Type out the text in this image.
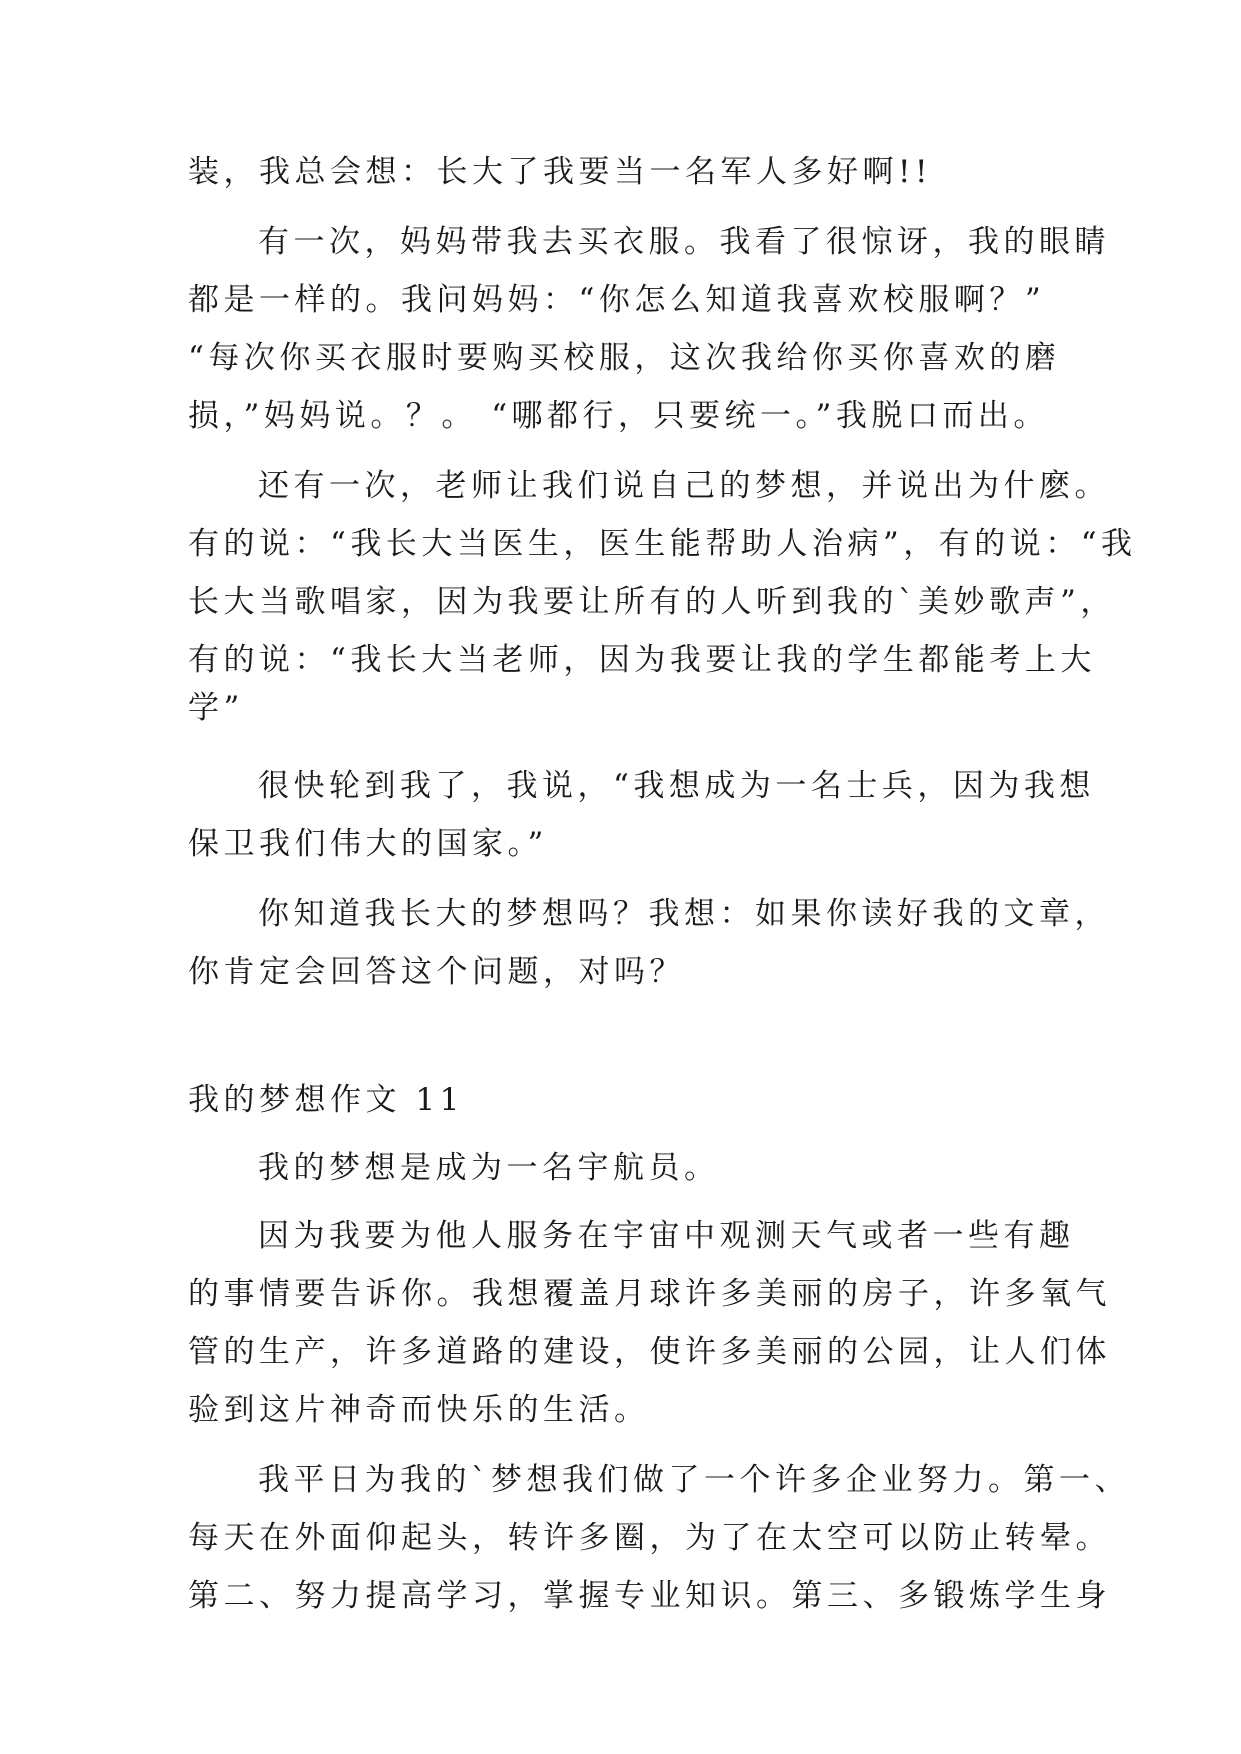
装，我总会想：长大了我要当一名军人多好啊!!
有一次，妈妈带我去买衣服。我看了很惊讶，我的眼睛
都是一样的。我问妈妈：“你怎么知道我喜欢校服啊？”
“每次你买衣服时要购买校服，这次我给你买你喜欢的磨
损，”妈妈说。？。 “哪都行，只要统一。”我脱口而出。
还有一次，老师让我们说自己的梦想，并说出为什麽。
有的说：“我长大当医生，医生能帮助人治病”，有的说：“我
长大当歌唱家，因为我要让所有的人听到我的`美妙歌声”，
有的说：“我长大当老师，因为我要让我的学生都能考上大
学”
很快轮到我了，我说，“我想成为一名士兵，因为我想
保卫我们伟大的国家。”
你知道我长大的梦想吗？我想：如果你读好我的文章，
你肯定会回答这个问题，对吗？
我的梦想作文 11
我的梦想是成为一名宇航员。
因为我要为他人服务在宇宙中观测天气或者一些有趣
的事情要告诉你。我想覆盖月球许多美丽的房子，许多氧气
管的生产，许多道路的建设，使许多美丽的公园，让人们体
验到这片神奇而快乐的生活。
我平日为我的`梦想我们做了一个许多企业努力。第一、
每天在外面仰起头，转许多圈，为了在太空可以防止转晕。
第二、努力提高学习，掌握专业知识。第三、多锻炼学生身
